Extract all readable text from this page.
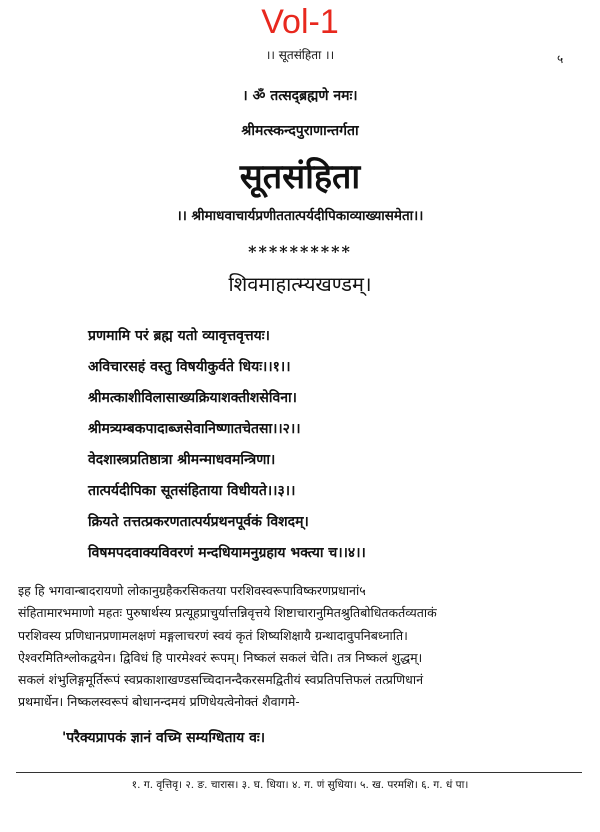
Vol-1
।। सूतसंहिता ।।	५
। ॐ तत्सद्ब्रह्मणे नमः।
श्रीमत्स्कन्दपुराणान्तर्गता
सूतसंहिता
।। श्रीमाधवाचार्यप्रणीततात्पर्यदीपिकाव्याख्यासमेता।।
**********
शिवमाहात्म्यखण्डम्।
प्रणमामि परं ब्रह्म यतो व्यावृत्तवृत्तयः।
अविचारसहं वस्तु विषयीकुर्वते धियः।।१।।
श्रीमत्काशीविलासाख्यक्रियाशक्तीशसेविना।
श्रीमत्र्यम्बकपादाब्जसेवानिष्णातचेतसा।।२।।
वेदशास्त्रप्रतिष्ठात्रा श्रीमन्माधवमन्त्रिणा।
तात्पर्यदीपिका सूतसंहिताया विधीयते।।३।।
क्रियते तत्तत्प्रकरणतात्पर्यप्रथनपूर्वकं विशदम्।
विषमपदवाक्यविवरणं मन्दधियामनुग्रहाय भक्त्या च।।४।।
इह हि भगवान्बादरायणो लोकानुग्रहैकरसिकतया परशिवस्वरूपाविष्करणप्रधानां५
संहितामारभमाणो महतः पुरुषार्थस्य प्रत्यूहप्राचुर्यात्तन्निवृत्तये शिष्टाचारानुमितश्रुतिबोधितकर्तव्यताकं
परशिवस्य प्रणिधानप्रणामलक्षणं मङ्गलाचरणं स्वयं कृतं शिष्यशिक्षायै ग्रन्थादावुपनिबध्नाति।
ऐश्वरमितिश्लोकद्वयेन। द्विविधं हि पारमेश्वरं रूपम्। निष्कलं सकलं चेति। तत्र निष्कलं शुद्धम्।
सकलं शंभुलिङ्गमूर्तिरूपं स्वप्रकाशाखण्डसच्चिदानन्दैकरसमद्वितीयं स्वप्रतिपत्तिफलं तत्प्रणिधानं
प्रथमार्धेन। निष्कलस्वरूपं बोधानन्दमयं प्रणिधेयत्वेनोक्तं शैवागमे-
'परैक्यप्रापकं ज्ञानं वच्मि सम्यग्धिताय वः।
१. ग. वृत्तिवृ। २. ङ. चारास। ३. घ. धिया। ४. ग. णं सुधिया। ५. ख. परमशि। ६. ग. धं पा।
